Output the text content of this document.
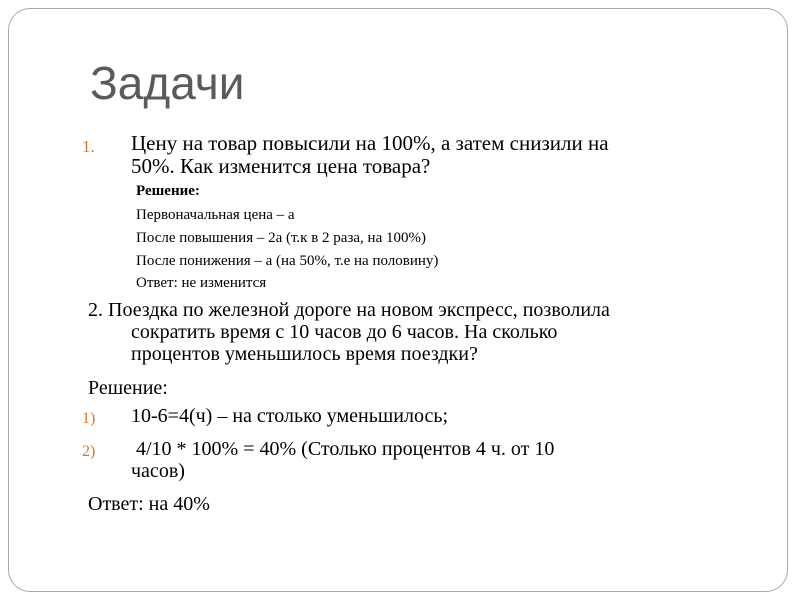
Задачи
1. Цену на товар повысили на 100%, а затем снизили на
50%. Как изменится цена товара?
Решение:
Первоначальная цена – а
После повышения – 2а (т.к в 2 раза, на 100%)
После понижения – а (на 50%, т.е на половину)
Ответ: не изменится
2. Поездка по железной дороге на новом экспресс, позволила
сократить время с 10 часов до 6 часов. На сколько
процентов уменьшилось время поездки?
Решение:
1) 10-6=4(ч) – на столько уменьшилось;
2) 4/10 * 100% = 40% (Столько процентов 4 ч. от 10
часов)
Ответ: на 40%
